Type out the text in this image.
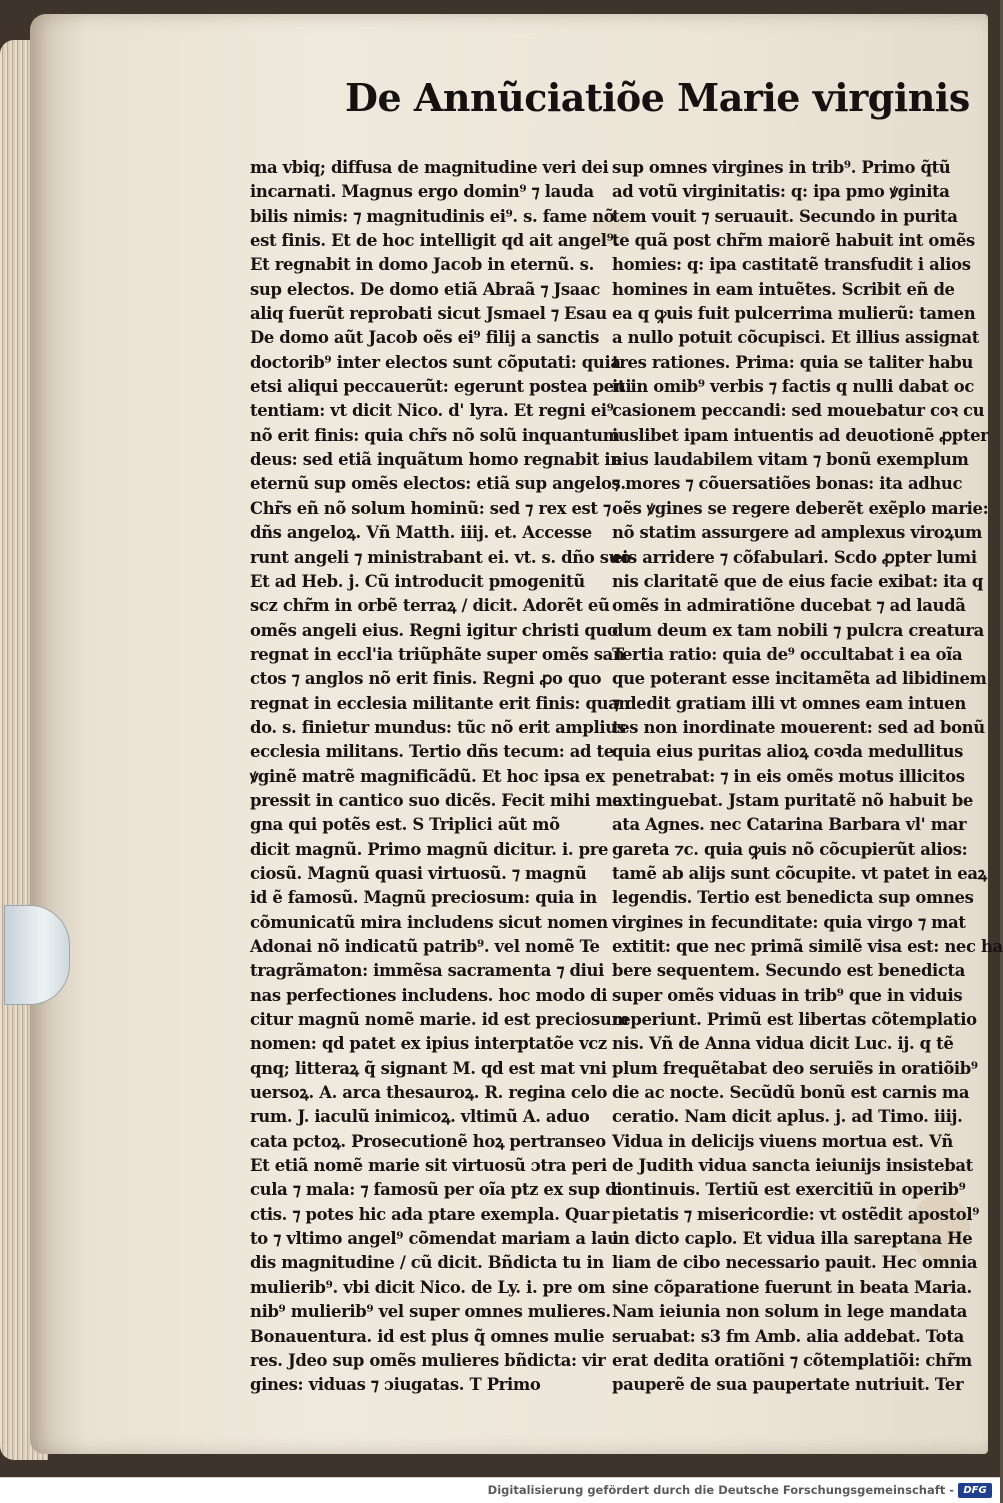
De Annũciatiõe Marie virginis
ma vbiq; diffusa de magnitudine veri dei
incarnati. Magnus ergo domin⁹ ⁊ lauda
bilis nimis: ⁊ magnitudinis ei⁹. s. fame nõ
est finis. Et de hoc intelligit qd ait angel⁹.
Et regnabit in domo Jacob in eternũ. s.
sup electos. De domo etiã Abraã ⁊ Jsaac
aliq fuerũt reprobati sicut Jsmael ⁊ Esau
De domo aũt Jacob oẽs ei⁹ filij a sanctis
doctorib⁹ inter electos sunt cõputati: quia
etsi aliqui peccauerũt: egerunt postea peni
tentiam: vt dicit Nico. d' lyra. Et regni ei⁹
nõ erit finis: quia chr̃s nõ solũ inquantum
deus: sed etiã inquãtum homo regnabit in
eternũ sup omẽs electos: etiã sup angelos.
Chr̃s eñ nõ solum hominũ: sed ⁊ rex est ⁊
dñs angeloꝝ. Vñ Matth. iiij. et. Accesse
runt angeli ⁊ ministrabant ei. vt. s. dño suo
Et ad Heb. j. Cũ introducit pmogenitũ
scz chr̃m in orbẽ terraꝝ / dicit. Adorẽt eũ
omẽs angeli eius. Regni igitur christi quo
regnat in eccl'ia triũphãte super omẽs san
ctos ⁊ anglos nõ erit finis. Regni ꝓo quo
regnat in ecclesia militante erit finis: quan
do. s. finietur mundus: tũc nõ erit amplius
ecclesia militans. Tertio dñs tecum: ad te
ꝟginẽ matrẽ magnificãdũ. Et hoc ipsa ex
pressit in cantico suo dicẽs. Fecit mihi ma
gna qui potẽs est. S Triplici aũt mõ
dicit magnũ. Primo magnũ dicitur. i. pre
ciosũ. Magnũ quasi virtuosũ. ⁊ magnũ
id ẽ famosũ. Magnũ preciosum: quia in
cõmunicatũ mira includens sicut nomen
Adonai nõ indicatũ patrib⁹. vel nomẽ Te
tragrãmaton: immẽsa sacramenta ⁊ diui
nas perfectiones includens. hoc modo di
citur magnũ nomẽ marie. id est preciosum
nomen: qd patet ex ipius interptatõe vcz
qnq; litteraꝝ q̃ signant M. qd est mat vni
uersoꝝ. A. arca thesauroꝝ. R. regina celo
rum. J. iaculũ inimicoꝝ. vltimũ A. aduo
cata pctoꝝ. Prosecutionẽ hoꝝ pertranseo
Et etiã nomẽ marie sit virtuosũ ɔtra peri
cula ⁊ mala: ⁊ famosũ per oĩa ptz ex sup di
ctis. ⁊ potes hic ada ptare exempla. Quar
to ⁊ vltimo angel⁹ cõmendat mariam a lau
dis magnitudine / cũ dicit. Bñdicta tu in
mulierib⁹. vbi dicit Nico. de Ly. i. pre om
nib⁹ mulierib⁹ vel super omnes mulieres.
Bonauentura. id est plus q̃ omnes mulie
res. Jdeo sup omẽs mulieres bñdicta: vir
gines: viduas ⁊ ɔiugatas. T Primo
sup omnes virgines in trib⁹. Primo q̃tũ
ad votũ virginitatis: q: ipa pmo ꝟginita
tem vouit ⁊ seruauit. Secundo in purita
te quã post chr̃m maiorẽ habuit int omẽs
homies: q: ipa castitatẽ transfudit i alios
homines in eam intuẽtes. Scribit eñ de
ea q ꝙuis fuit pulcerrima mulierũ: tamen
a nullo potuit cõcupisci. Et illius assignat
tres rationes. Prima: quia se taliter habu
it in omib⁹ verbis ⁊ factis q nulli dabat oc
casionem peccandi: sed mouebatur coꝛ cu
iuslibet ipam intuentis ad deuotionẽ ꝓpter
eius laudabilem vitam ⁊ bonũ exemplum
⁊ mores ⁊ cõuersatiões bonas: ita adhuc
oẽs ꝟgines se regere deberẽt exẽplo marie:
nõ statim assurgere ad amplexus viroꝝum
eis arridere ⁊ cõfabulari. Scdo ꝓpter lumi
nis claritatẽ que de eius facie exibat: ita q
omẽs in admiratiõne ducebat ⁊ ad laudã
dum deum ex tam nobili ⁊ pulcra creatura
Tertia ratio: quia de⁹ occultabat i ea oĩa
que poterant esse incitamẽta ad libidinem
⁊ dedit gratiam illi vt omnes eam intuen
tes non inordinate mouerent: sed ad bonũ
quia eius puritas alioꝝ coꝛda medullitus
penetrabat: ⁊ in eis omẽs motus illicitos
extinguebat. Jstam puritatẽ nõ habuit be
ata Agnes. nec Catarina Barbara vl' mar
gareta ⁊c. quia ꝙuis nõ cõcupierũt alios:
tamẽ ab alijs sunt cõcupite. vt patet in eaꝝ
legendis. Tertio est benedicta sup omnes
virgines in fecunditate: quia virgo ⁊ mat
extitit: que nec primã similẽ visa est: nec ha
bere sequentem. Secundo est benedicta
super omẽs viduas in trib⁹ que in viduis
reperiunt. Primũ est libertas cõtemplatio
nis. Vñ de Anna vidua dicit Luc. ij. q tẽ
plum frequẽtabat deo seruiẽs in oratiõib⁹
die ac nocte. Secũdũ bonũ est carnis ma
ceratio. Nam dicit aplus. j. ad Timo. iiij.
Vidua in delicijs viuens mortua est. Vñ
de Judith vidua sancta ieiunijs insistebat
continuis. Tertiũ est exercitiũ in operib⁹
pietatis ⁊ misericordie: vt ostẽdit apostol⁹
in dicto caplo. Et vidua illa sareptana He
liam de cibo necessario pauit. Hec omnia
sine cõparatione fuerunt in beata Maria.
Nam ieiunia non solum in lege mandata
seruabat: s3 fm Amb. alia addebat. Tota
erat dedita oratiõni ⁊ cõtemplatiõi: chr̃m
pauperẽ de sua paupertate nutriuit. Ter
Digitalisierung gefördert durch die Deutsche Forschungsgemeinschaft - DFG
